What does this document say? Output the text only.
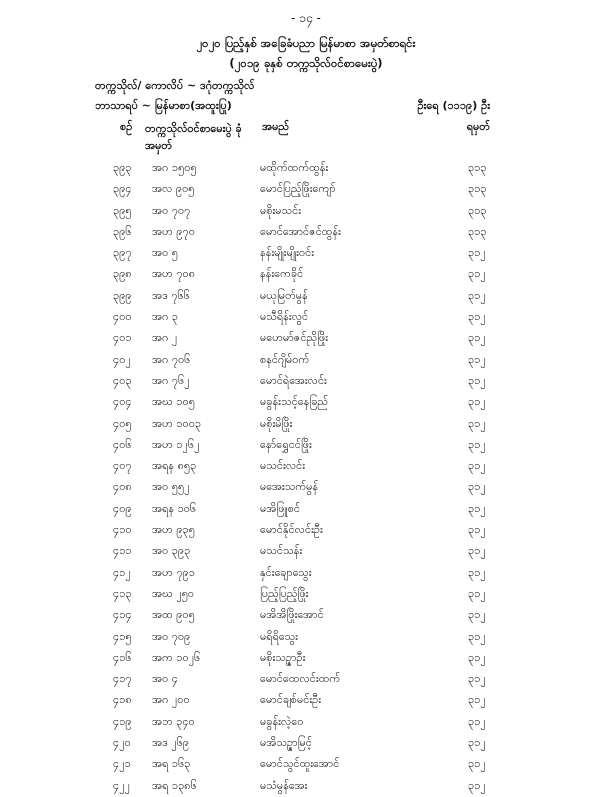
- ၁၄ -
၂၀၂၀ ပြည့်နှစ် အခြေခံပညာ မြန်မာစာ အမှတ်စာရင်း
(၂၀၁၉ ခုနှစ် တက္ကသိုလ်ဝင်စာမေးပွဲ)
တက္ကသိုလ်/ ကောလိပ် ~ ဒဂုံတက္ကသိုလ်
ဘာသာရပ် ~ မြန်မာစာ(အထူးပြု)	ဦးရေ (၁၁၁၉) ဦး
စဉ် တက္ကသိုလ်ဝင်စာမေးပွဲ ခုံအမှတ်
အမည်	ရမှတ်
၃၉၃ အဂ ၁၅၀၅	မထိုက်ထက်ထွန်း	၃၁၃
၃၉၄ အလ ၉၀၅	မောင်ပြည့်ဖြိုးကျော်	၃၁၃
၃၉၅ အဝ ၇၀၇	မစိုးမသင်း	၃၁၃
၃၉၆ အဟ ၉၇၀	မောင်အောင်ဇင်ထွန်း	၃၁၃
၃၉၇ အဝ ၅	နန်းမျိုးမျိုးဝင်း	၃၁၂
၃၉၈ အဟ ၇၀၈	နန်းကေခိုင်	၃၁၂
၃၉၉ အဒ ၇၆၆	မယုမြတ်မွန်	၃၁၂
၄၀၀ အဂ ၃	မသီရိန်းလွင်	၃၁၂
၄၀၁ အဂ ၂	မဟေမာ်ဇင်ညိုဖြိုး	၃၁၂
၄၀၂ အဂ ၇၀၆	စနင်ဂျိမ်ဝက်	၃၁၂
၄၀၃ အဂ ၇၆၂	မောင်ရဲအေးလင်း	၃၁၂
၄၀၄ အဃ ၁၀၅	မခွန်းသင့်နေခြည်	၃၁၂
၄၀၅ အဟ ၁၀၀၃	မစိုးမိဖြိုး	၃၁၂
၄၀၆ အဟ ၁၂၆၂	နော်ရွှေငင်ဖြိုး	၃၁၂
၄၀၇ အရန ၈၅၃	မသင်းလင်း	၃၁၂
၄၀၈ အဝ ၅၅၂	မအေးသက်မွန်	၃၁၂
၄၀၉ အရန ၁၀၆	မအိဖြူစင်	၃၁၂
၄၁၀ အဟ ၉၃၅	မောင်နိုင်လင်းဦး	၃၁၂
၄၁၁ အဝ ၃၉၃	မသင်သန်း	၃၁၂
၄၁၂ အဟ ၇၉၁	နှင်းချောသွေး	၃၁၂
၄၁၃ အဃ ၂၅၀	ပြည့်ပြည့်ဖြိုး	၃၁၂
၄၁၄ အထ ၉၀၅	မအိအိဖြိုးအောင်	၃၁၂
၄၁၅ အဝ ၇၀၉	မရိရိသွေး	၃၁၂
၄၁၆ အက ၁၀၂၆	မစိုးသဉ္ဇာဦး	၃၁၂
၄၁၇ အဝ ၄	မောင်ထေလင်းထက်	၃၁၂
၄၁၈ အဂ ၂၀၀	မောင်ချစ်မင်းဦး	၃၁၂
၄၁၉ အဘ ၃၄၀	မခွန်းလဲ့ဝေ	၃၁၂
၄၂၀ အဒ ၂၆၉	မအိသဉ္ဇာမြင့်	၃၁၂
၄၂၁ အရ ၁၆၃	မောင်သွင်ထူးအောင်	၃၁၂
၄၂၂ အရ ၁၃၈၆	မသံမွန်အေး	၃၁၂
